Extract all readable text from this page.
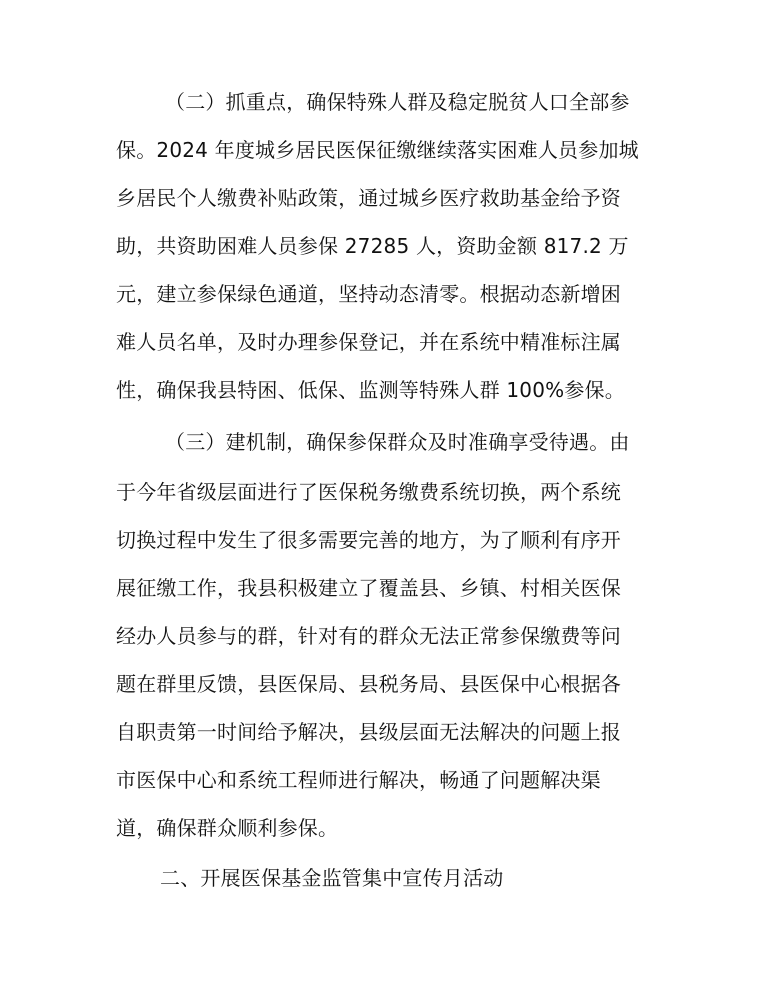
（二）抓重点，确保特殊人群及稳定脱贫人口全部参
保。2024 年度城乡居民医保征缴继续落实困难人员参加城
乡居民个人缴费补贴政策，通过城乡医疗救助基金给予资
助，共资助困难人员参保 27285 人，资助金额 817.2 万
元，建立参保绿色通道，坚持动态清零。根据动态新增困
难人员名单，及时办理参保登记，并在系统中精准标注属
性，确保我县特困、低保、监测等特殊人群 100%参保。
（三）建机制，确保参保群众及时准确享受待遇。由
于今年省级层面进行了医保税务缴费系统切换，两个系统
切换过程中发生了很多需要完善的地方，为了顺利有序开
展征缴工作，我县积极建立了覆盖县、乡镇、村相关医保
经办人员参与的群，针对有的群众无法正常参保缴费等问
题在群里反馈，县医保局、县税务局、县医保中心根据各
自职责第一时间给予解决，县级层面无法解决的问题上报
市医保中心和系统工程师进行解决，畅通了问题解决渠
道，确保群众顺利参保。
二、开展医保基金监管集中宣传月活动
